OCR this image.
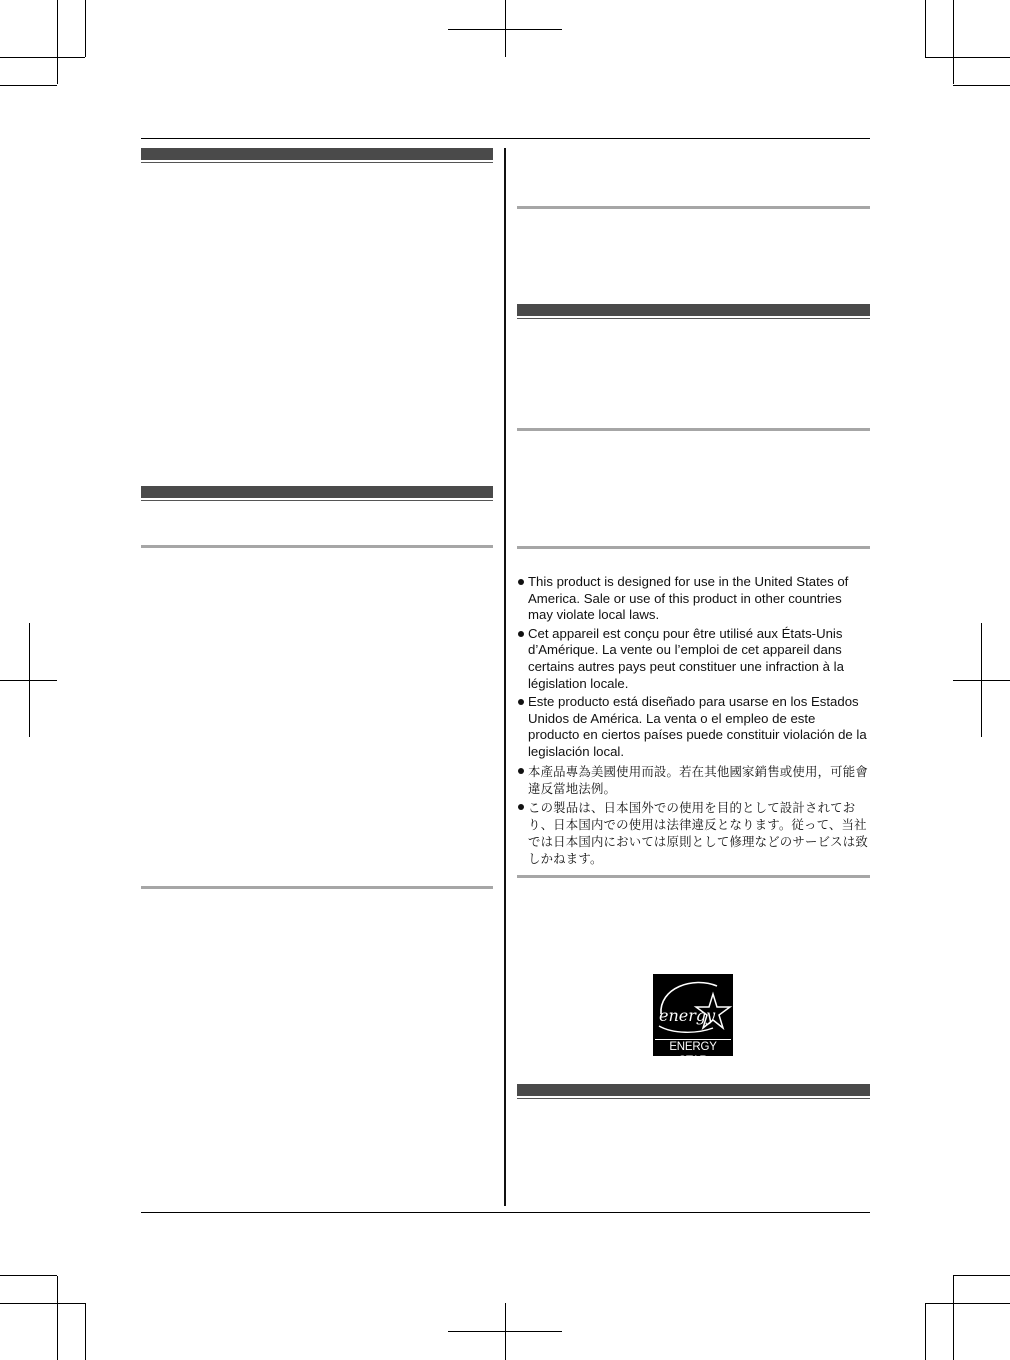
This product is designed for use in the United States of America. Sale or use of this product in other countries may violate local laws.
Cet appareil est conçu pour être utilisé aux États-Unis d’Amérique. La vente ou l’emploi de cet appareil dans certains autres pays peut constituer une infraction à la législation locale.
Este producto está diseñado para usarse en los Estados Unidos de América. La venta o el empleo de este producto en ciertos países puede constituir violación de la legislación local.
本產品專為美國使用而設。若在其他國家銷售或使用，可能會違反當地法例。
この製品は、日本国外での使用を目的として設計されており、日本国内での使用は法律違反となります。従って、当社では日本国内においては原則として修理などのサービスは致しかねます。
energy
ENERGY STAR
